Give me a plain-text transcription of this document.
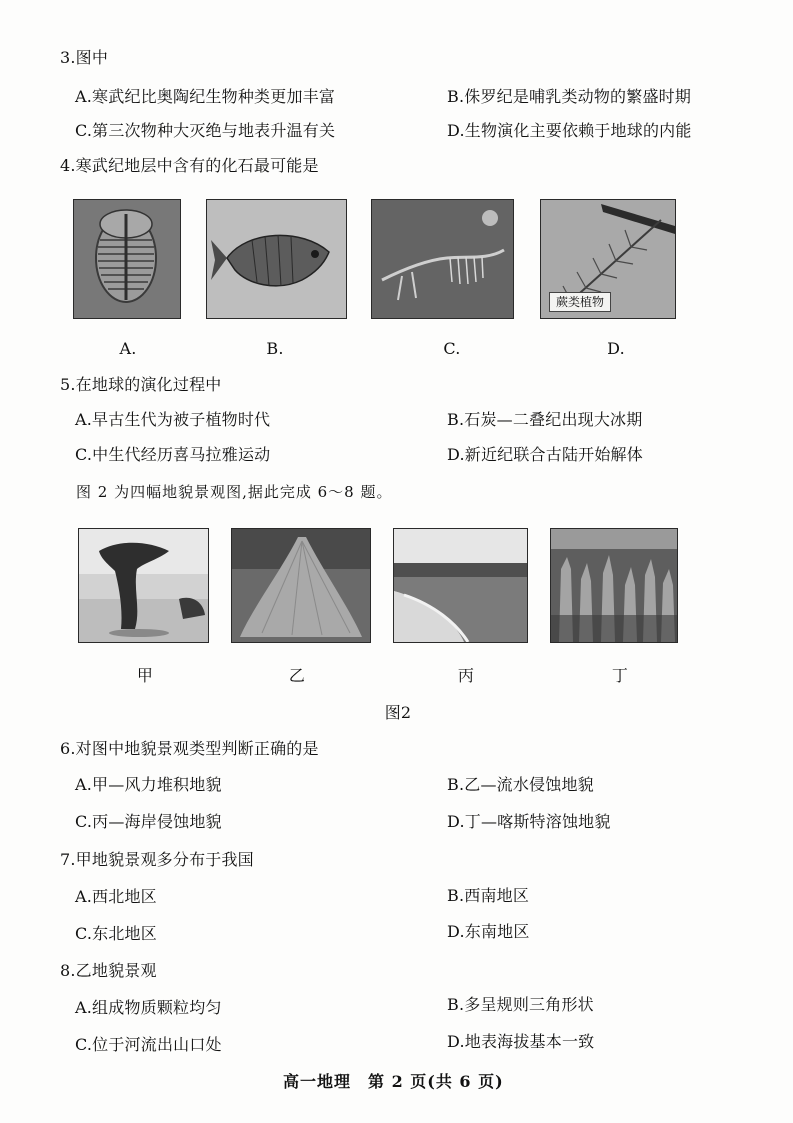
3.图中
A.寒武纪比奥陶纪生物种类更加丰富	B.侏罗纪是哺乳类动物的繁盛时期
C.第三次物种大灭绝与地表升温有关	D.生物演化主要依赖于地球的内能
4.寒武纪地层中含有的化石最可能是
蕨类植物
A.	B.	C.	D.
5.在地球的演化过程中
A.早古生代为被子植物时代	B.石炭—二叠纪出现大冰期
C.中生代经历喜马拉雅运动	D.新近纪联合古陆开始解体
图 2 为四幅地貌景观图,据此完成 6～8 题。
甲	乙	丙	丁
图2
6.对图中地貌景观类型判断正确的是
A.甲—风力堆积地貌	B.乙—流水侵蚀地貌
C.丙—海岸侵蚀地貌	D.丁—喀斯特溶蚀地貌
7.甲地貌景观多分布于我国
A.西北地区	B.西南地区
C.东北地区	D.东南地区
8.乙地貌景观
A.组成物质颗粒均匀	B.多呈规则三角形状
C.位于河流出山口处	D.地表海拔基本一致
高一地理　第 2 页(共 6 页)
